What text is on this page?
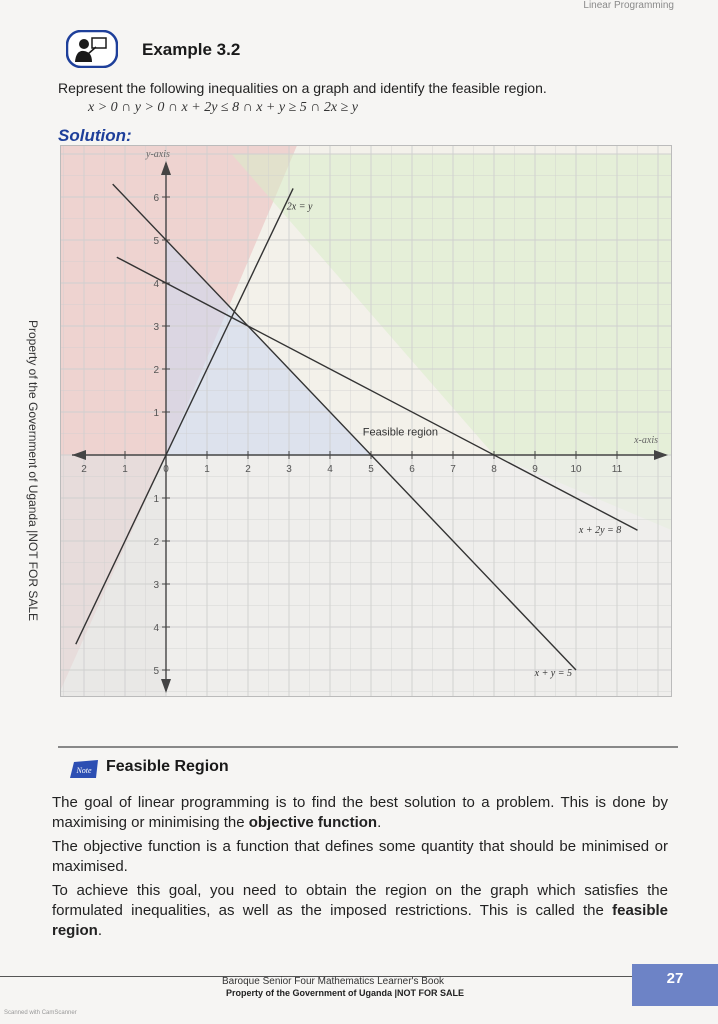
Linear Programming
Property of the Government of Uganda |NOT FOR SALE
Example 3.2
Represent the following inequalities on a graph and identify the feasible region.
x > 0 ∩ y > 0 ∩ x + 2y ≤ 8 ∩ x + y ≥ 5 ∩ 2x ≥ y
Solution:
2	1	0	1	2	3	4	5	6	7	8	9	10	11
6
5
4
3
2
1
1
2
3
4
5
x-axis
y-axis
2x = y
x + 2y = 8
x + y = 5
Feasible region
Note Feasible Region

The goal of linear programming is to find the best solution to a problem. This is done by maximising or minimising the objective function.

The objective function is a function that defines some quantity that should be minimised or maximised.

To achieve this goal, you need to obtain the region on the graph which satisfies the formulated inequalities, as well as the imposed restrictions. This is called the feasible region.

Baroque Senior Four Mathematics Learner's Book
Property of the Government of Uganda |NOT FOR SALE
27
Scanned with CamScanner
